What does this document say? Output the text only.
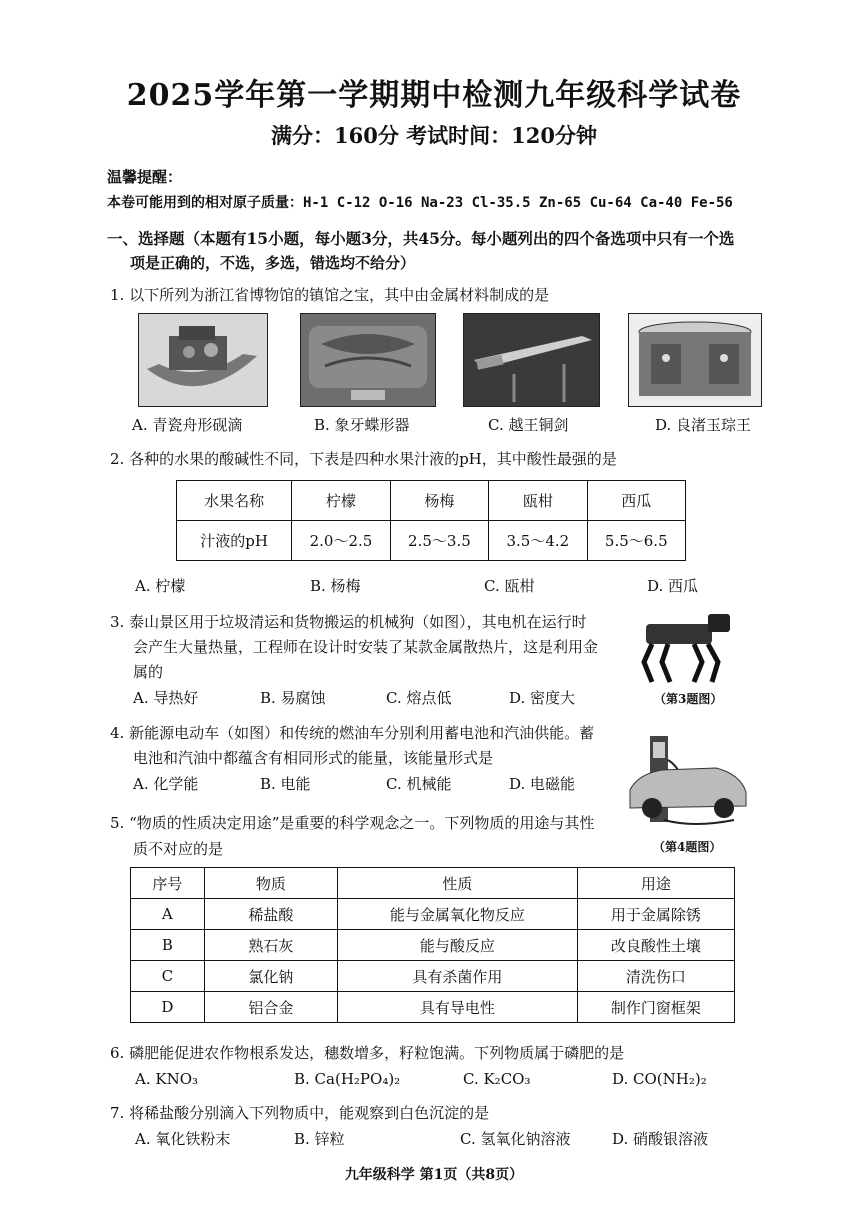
2025学年第一学期期中检测九年级科学试卷
满分：160分 考试时间：120分钟
温馨提醒：
本卷可能用到的相对原子质量：H-1 C-12 O-16 Na-23 Cl-35.5 Zn-65 Cu-64 Ca-40 Fe-56
一、选择题（本题有15小题，每小题3分，共45分。每小题列出的四个备选项中只有一个选
项是正确的，不选，多选，错选均不给分）
1. 以下所列为浙江省博物馆的镇馆之宝，其中由金属材料制成的是
A. 青瓷舟形砚滴	B. 象牙蝶形器	C. 越王铜剑	D. 良渚玉琮王
2. 各种的水果的酸碱性不同，下表是四种水果汁液的pH，其中酸性最强的是
水果名称	柠檬	杨梅	瓯柑	西瓜
汁液的pH	2.0～2.5	2.5～3.5	3.5～4.2	5.5～6.5
A. 柠檬	B. 杨梅	C. 瓯柑	D. 西瓜
3. 泰山景区用于垃圾清运和货物搬运的机械狗（如图），其电机在运行时
会产生大量热量，工程师在设计时安装了某款金属散热片，这是利用金
属的
A. 导热好	B. 易腐蚀	C. 熔点低	D. 密度大	（第3题图）
4. 新能源电动车（如图）和传统的燃油车分别利用蓄电池和汽油供能。蓄
电池和汽油中都蕴含有相同形式的能量，该能量形式是
A. 化学能	B. 电能	C. 机械能	D. 电磁能
（第4题图）
5. “物质的性质决定用途”是重要的科学观念之一。下列物质的用途与其性
质不对应的是
序号	物质	性质	用途
A	稀盐酸	能与金属氧化物反应	用于金属除锈
B	熟石灰	能与酸反应	改良酸性土壤
C	氯化钠	具有杀菌作用	清洗伤口
D	铝合金	具有导电性	制作门窗框架
6. 磷肥能促进农作物根系发达，穗数增多，籽粒饱满。下列物质属于磷肥的是
A. KNO₃	B. Ca(H₂PO₄)₂	C. K₂CO₃	D. CO(NH₂)₂
7. 将稀盐酸分别滴入下列物质中，能观察到白色沉淀的是
A. 氧化铁粉末	B. 锌粒	C. 氢氧化钠溶液	D. 硝酸银溶液
九年级科学 第1页（共8页）
